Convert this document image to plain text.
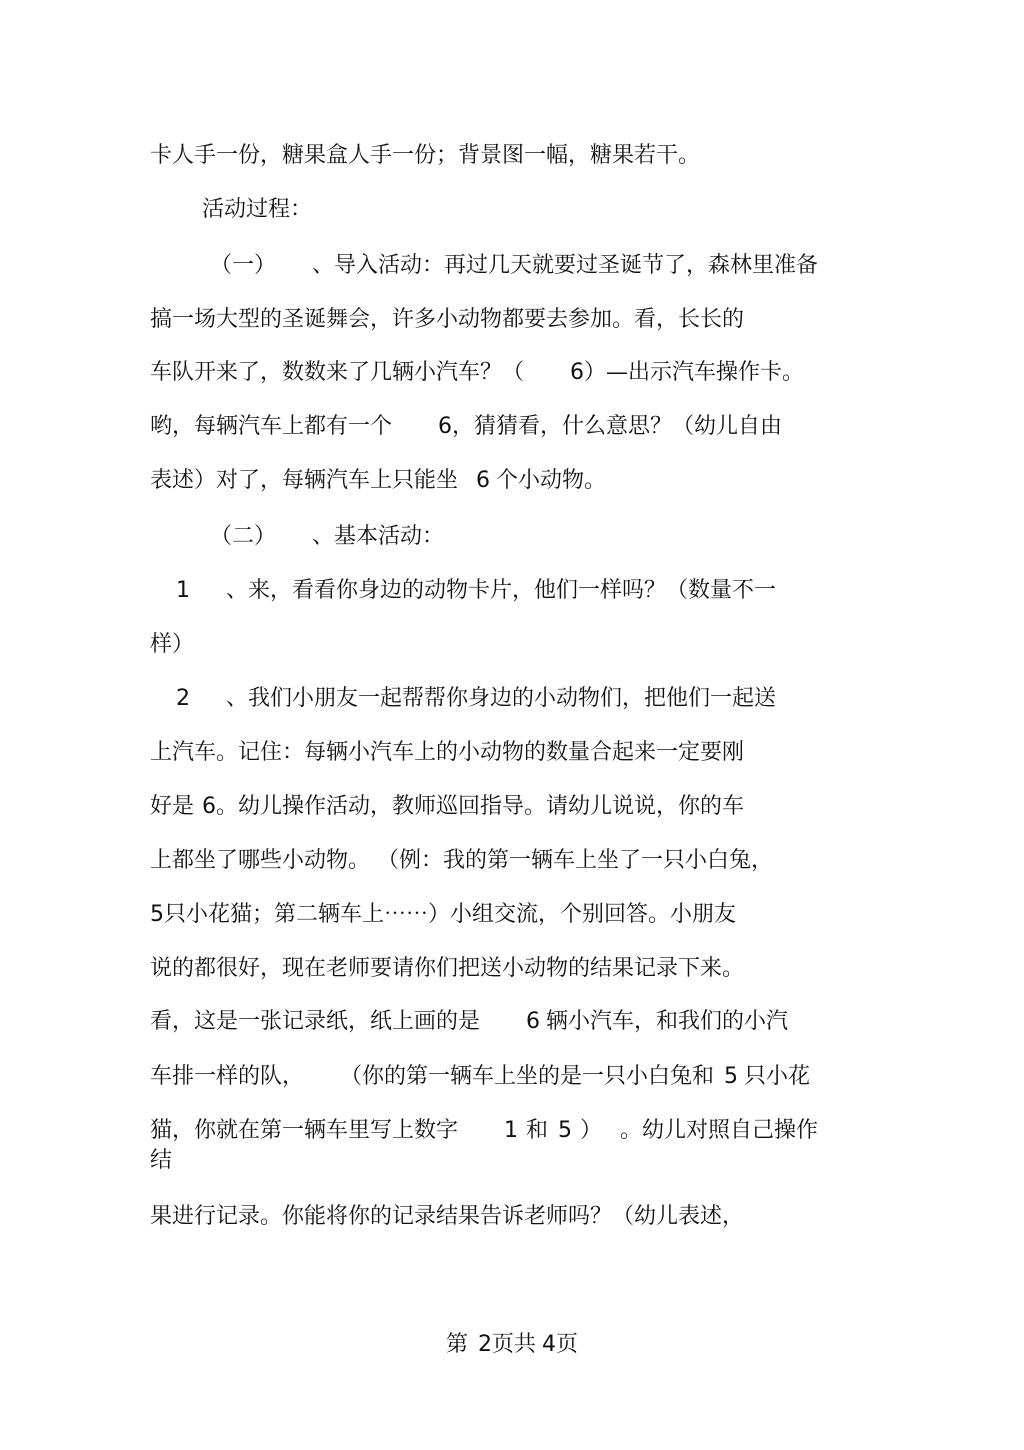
卡人手一份，糖果盒人手一份；背景图一幅，糖果若干。
活动过程：
（一） 、导入活动：再过几天就要过圣诞节了，森林里准备
搞一场大型的圣诞舞会，许多小动物都要去参加。看，长长的
车队开来了，数数来了几辆小汽车？（ 6）—出示汽车操作卡。
哟，每辆汽车上都有一个 6，猜猜看，什么意思？（幼儿自由
表述）对了，每辆汽车上只能坐 6 个小动物。
（二） 、基本活动：
1 、来，看看你身边的动物卡片，他们一样吗？（数量不一
样）
2 、我们小朋友一起帮帮你身边的小动物们，把他们一起送
上汽车。记住：每辆小汽车上的小动物的数量合起来一定要刚
好是 6。幼儿操作活动，教师巡回指导。请幼儿说说，你的车
上都坐了哪些小动物。 （例：我的第一辆车上坐了一只小白兔，
5只小花猫；第二辆车上⋯⋯）小组交流，个别回答。小朋友
说的都很好，现在老师要请你们把送小动物的结果记录下来。
看，这是一张记录纸，纸上画的是 6 辆小汽车，和我们的小汽
车排一样的队， （你的第一辆车上坐的是一只小白兔和 5 只小花
猫，你就在第一辆车里写上数字 1 和 5 ） 。幼儿对照自己操作
结
果进行记录。你能将你的记录结果告诉老师吗？（幼儿表述，
第 2页共 4页
